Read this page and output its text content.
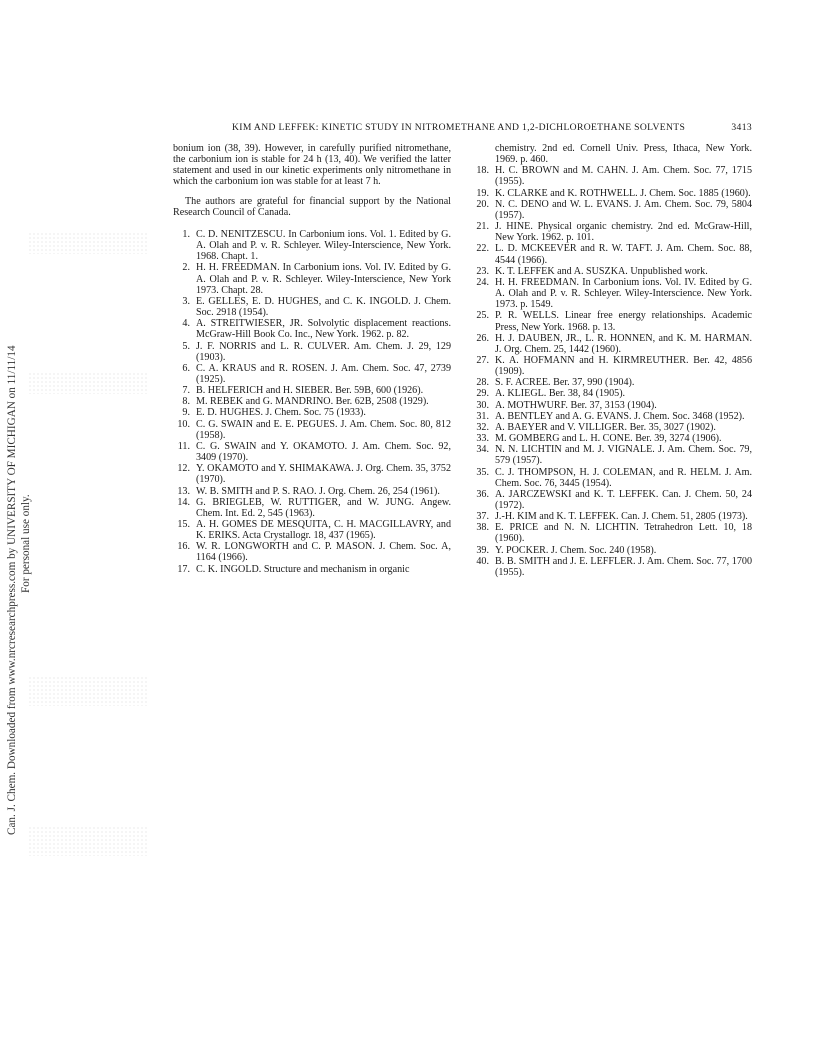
Can. J. Chem. Downloaded from www.nrcresearchpress.com by UNIVERSITY OF MICHIGAN on 11/11/14 For personal use only.
KIM AND LEFFEK: KINETIC STUDY IN NITROMETHANE AND 1,2-DICHLOROETHANE SOLVENTS	3413

bonium ion (38, 39). However, in carefully purified nitromethane, the carbonium ion is stable for 24 h (13, 40). We verified the latter statement and used in our kinetic experiments only nitromethane in which the carbonium ion was stable for at least 7 h.

The authors are grateful for financial support by the National Research Council of Canada.

1. C. D. NENITZESCU. In Carbonium ions. Vol. 1. Edited by G. A. Olah and P. v. R. Schleyer. Wiley-Interscience, New York. 1968. Chapt. 1.
2. H. H. FREEDMAN. In Carbonium ions. Vol. IV. Edited by G. A. Olah and P. v. R. Schleyer. Wiley-Interscience, New York 1973. Chapt. 28.
3. E. GELLES, E. D. HUGHES, and C. K. INGOLD. J. Chem. Soc. 2918 (1954).
4. A. STREITWIESER, JR. Solvolytic displacement reactions. McGraw-Hill Book Co. Inc., New York. 1962. p. 82.
5. J. F. NORRIS and L. R. CULVER. Am. Chem. J. 29, 129 (1903).
6. C. A. KRAUS and R. ROSEN. J. Am. Chem. Soc. 47, 2739 (1925).
7. B. HELFERICH and H. SIEBER. Ber. 59B, 600 (1926).
8. M. REBEK and G. MANDRINO. Ber. 62B, 2508 (1929).
9. E. D. HUGHES. J. Chem. Soc. 75 (1933).
10. C. G. SWAIN and E. E. PEGUES. J. Am. Chem. Soc. 80, 812 (1958).
11. C. G. SWAIN and Y. OKAMOTO. J. Am. Chem. Soc. 92, 3409 (1970).
12. Y. OKAMOTO and Y. SHIMAKAWA. J. Org. Chem. 35, 3752 (1970).
13. W. B. SMITH and P. S. RAO. J. Org. Chem. 26, 254 (1961).
14. G. BRIEGLEB, W. RUTTIGER, and W. JUNG. Angew. Chem. Int. Ed. 2, 545 (1963).
15. A. H. GOMES DE MESQUITA, C. H. MACGILLAVRY, and K. ERIKS. Acta Crystallogr. 18, 437 (1965).
16. W. R. LONGWORTH and C. P. MASON. J. Chem. Soc. A, 1164 (1966).
17. C. K. INGOLD. Structure and mechanism in organic
chemistry. 2nd ed. Cornell Univ. Press, Ithaca, New York. 1969. p. 460.
18. H. C. BROWN and M. CAHN. J. Am. Chem. Soc. 77, 1715 (1955).
19. K. CLARKE and K. ROTHWELL. J. Chem. Soc. 1885 (1960).
20. N. C. DENO and W. L. EVANS. J. Am. Chem. Soc. 79, 5804 (1957).
21. J. HINE. Physical organic chemistry. 2nd ed. McGraw-Hill, New York. 1962. p. 101.
22. L. D. MCKEEVER and R. W. TAFT. J. Am. Chem. Soc. 88, 4544 (1966).
23. K. T. LEFFEK and A. SUSZKA. Unpublished work.
24. H. H. FREEDMAN. In Carbonium ions. Vol. IV. Edited by G. A. Olah and P. v. R. Schleyer. Wiley-Interscience. New York. 1973. p. 1549.
25. P. R. WELLS. Linear free energy relationships. Academic Press, New York. 1968. p. 13.
26. H. J. DAUBEN, JR., L. R. HONNEN, and K. M. HARMAN. J. Org. Chem. 25, 1442 (1960).
27. K. A. HOFMANN and H. KIRMREUTHER. Ber. 42, 4856 (1909).
28. S. F. ACREE. Ber. 37, 990 (1904).
29. A. KLIEGL. Ber. 38, 84 (1905).
30. A. MOTHWURF. Ber. 37, 3153 (1904).
31. A. BENTLEY and A. G. EVANS. J. Chem. Soc. 3468 (1952).
32. A. BAEYER and V. VILLIGER. Ber. 35, 3027 (1902).
33. M. GOMBERG and L. H. CONE. Ber. 39, 3274 (1906).
34. N. N. LICHTIN and M. J. VIGNALE. J. Am. Chem. Soc. 79, 579 (1957).
35. C. J. THOMPSON, H. J. COLEMAN, and R. HELM. J. Am. Chem. Soc. 76, 3445 (1954).
36. A. JARCZEWSKI and K. T. LEFFEK. Can. J. Chem. 50, 24 (1972).
37. J.-H. KIM and K. T. LEFFEK. Can. J. Chem. 51, 2805 (1973).
38. E. PRICE and N. N. LICHTIN. Tetrahedron Lett. 10, 18 (1960).
39. Y. POCKER. J. Chem. Soc. 240 (1958).
40. B. B. SMITH and J. E. LEFFLER. J. Am. Chem. Soc. 77, 1700 (1955).
